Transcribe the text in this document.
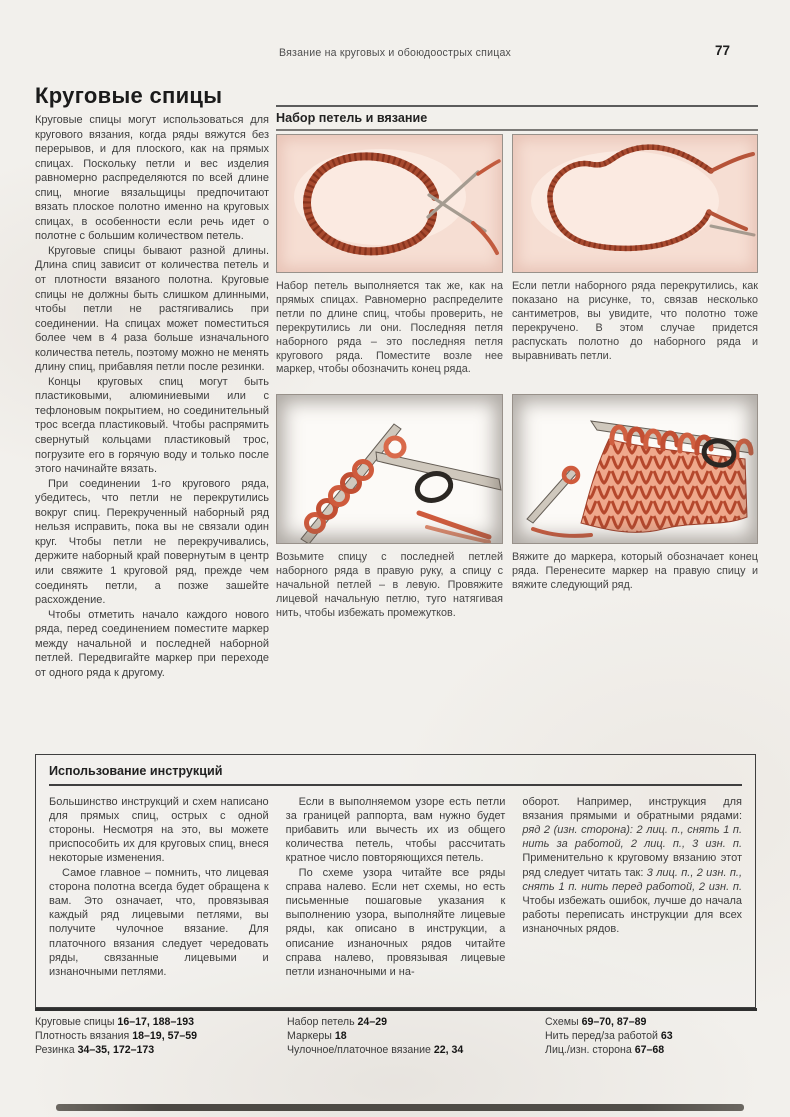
Вязание на круговых и обоюдоострых спицах	77
Круговые спицы

Круговые спицы могут использоваться для кругового вязания, когда ряды вяжутся без перерывов, и для плоского, как на прямых спицах. Поскольку петли и вес изделия равномерно распределяются по всей длине спиц, многие вязальщицы предпочитают вязать плоское полотно именно на круговых спицах, в особенности если речь идет о полотне с большим количеством петель.

Круговые спицы бывают разной длины. Длина спиц зависит от количества петель и от плотности вязаного полотна. Круговые спицы не должны быть слишком длинными, чтобы петли не растягивались при соединении. На спицах может поместиться более чем в 4 раза больше изначального количества петель, поэтому можно не менять длину спиц, прибавляя петли после резинки.

Концы круговых спиц могут быть пластиковыми, алюминиевыми или с тефлоновым покрытием, но соединительный трос всегда пластиковый. Чтобы распрямить свернутый кольцами пластиковый трос, погрузите его в горячую воду и только после этого начинайте вязать.

При соединении 1-го кругового ряда, убедитесь, что петли не перекрутились вокруг спиц. Перекрученный наборный ряд нельзя исправить, пока вы не связали один круг. Чтобы петли не перекручивались, держите наборный край повернутым в центр или свяжите 1 круговой ряд, прежде чем соединять петли, а позже зашейте расхождение.

Чтобы отметить начало каждого нового ряда, перед соединением поместите маркер между начальной и последней наборной петлей. Передвигайте маркер при переходе от одного ряда к другому.

Набор петель и вязание
Набор петель выполняется так же, как на прямых спицах. Равномерно распределите петли по длине спиц, чтобы проверить, не перекрутились ли они. Последняя петля наборного ряда – это последняя петля кругового ряда. Поместите возле нее маркер, чтобы обозначить конец ряда.
Если петли наборного ряда перекрутились, как показано на рисунке, то, связав несколько сантиметров, вы увидите, что полотно тоже перекручено. В этом случае придется распускать полотно до наборного ряда и выравнивать петли.
Возьмите спицу с последней петлей наборного ряда в правую руку, а спицу с начальной петлей – в левую. Провяжите лицевой начальную петлю, туго натягивая нить, чтобы избежать промежутков.
Вяжите до маркера, который обозначает конец ряда. Перенесите маркер на правую спицу и вяжите следующий ряд.
Использование инструкций

Большинство инструкций и схем написано для прямых спиц, острых с одной стороны. Несмотря на это, вы можете приспособить их для круговых спиц, внеся некоторые изменения.

Самое главное – помнить, что лицевая сторона полотна всегда будет обращена к вам. Это означает, что, провязывая каждый ряд лицевыми петлями, вы получите чулочное вязание. Для платочного вязания следует чередовать ряды, связанные лицевыми и изнаночными петлями.

Если в выполняемом узоре есть петли за границей раппорта, вам нужно будет прибавить или вычесть их из общего количества петель, чтобы рассчитать кратное число повторяющихся петель.

По схеме узора читайте все ряды справа налево. Если нет схемы, но есть письменные пошаговые указания к выполнению узора, выполняйте лицевые ряды, как описано в инструкции, а описание изнаночных рядов читайте справа налево, провязывая лицевые петли изнаночными и на-

оборот. Например, инструкция для вязания прямыми и обратными рядами: ряд 2 (изн. сторона): 2 лиц. п., снять 1 п. нить за работой, 2 лиц. п., 3 изн. п. Применительно к круговому вязанию этот ряд следует читать так: 3 лиц. п., 2 изн. п., снять 1 п. нить перед работой, 2 изн. п. Чтобы избежать ошибок, лучше до начала работы переписать инструкции для всех изнаночных рядов.

Круговые спицы 16–17, 188–193
Плотность вязания 18–19, 57–59
Резинка 34–35, 172–173
Набор петель 24–29
Маркеры 18
Чулочное/платочное вязание 22, 34
Схемы 69–70, 87–89
Нить перед/за работой 63
Лиц./изн. сторона 67–68
